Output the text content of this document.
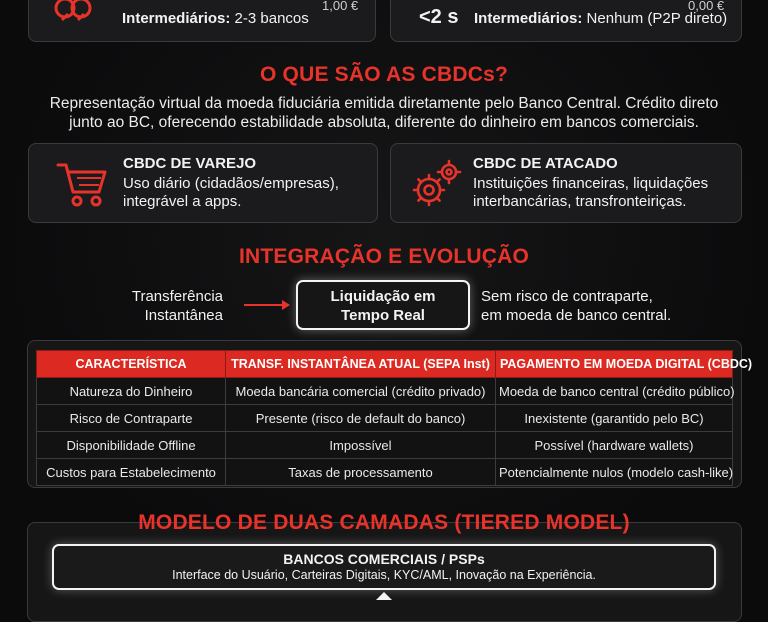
1,00 €
Intermediários: 2-3 bancos	<2 s
0,00 €
Intermediários: Nenhum (P2P direto)
O QUE SÃO AS CBDCs?
Representação virtual da moeda fiduciária emitida diretamente pelo Banco Central. Crédito direto
junto ao BC, oferecendo estabilidade absoluta, diferente do dinheiro em bancos comerciais.
CBDC DE VAREJO
Uso diário (cidadãos/empresas),
integrável a apps.
CBDC DE ATACADO
Instituições financeiras, liquidações
interbancárias, transfronteiriças.
INTEGRAÇÃO E EVOLUÇÃO
Transferência
Instantânea
Liquidação em
Tempo Real
Sem risco de contraparte,
em moeda de banco central.
CARACTERÍSTICA	TRANSF. INSTANTÂNEA ATUAL (SEPA Inst)	PAGAMENTO EM MOEDA DIGITAL (CBDC)
Natureza do Dinheiro	Moeda bancária comercial (crédito privado)	Moeda de banco central (crédito público)
Risco de Contraparte	Presente (risco de default do banco)	Inexistente (garantido pelo BC)
Disponibilidade Offline	Impossível	Possível (hardware wallets)
Custos para Estabelecimento	Taxas de processamento	Potencialmente nulos (modelo cash-like)
MODELO DE DUAS CAMADAS (TIERED MODEL)
BANCOS COMERCIAIS / PSPs
Interface do Usuário, Carteiras Digitais, KYC/AML, Inovação na Experiência.
